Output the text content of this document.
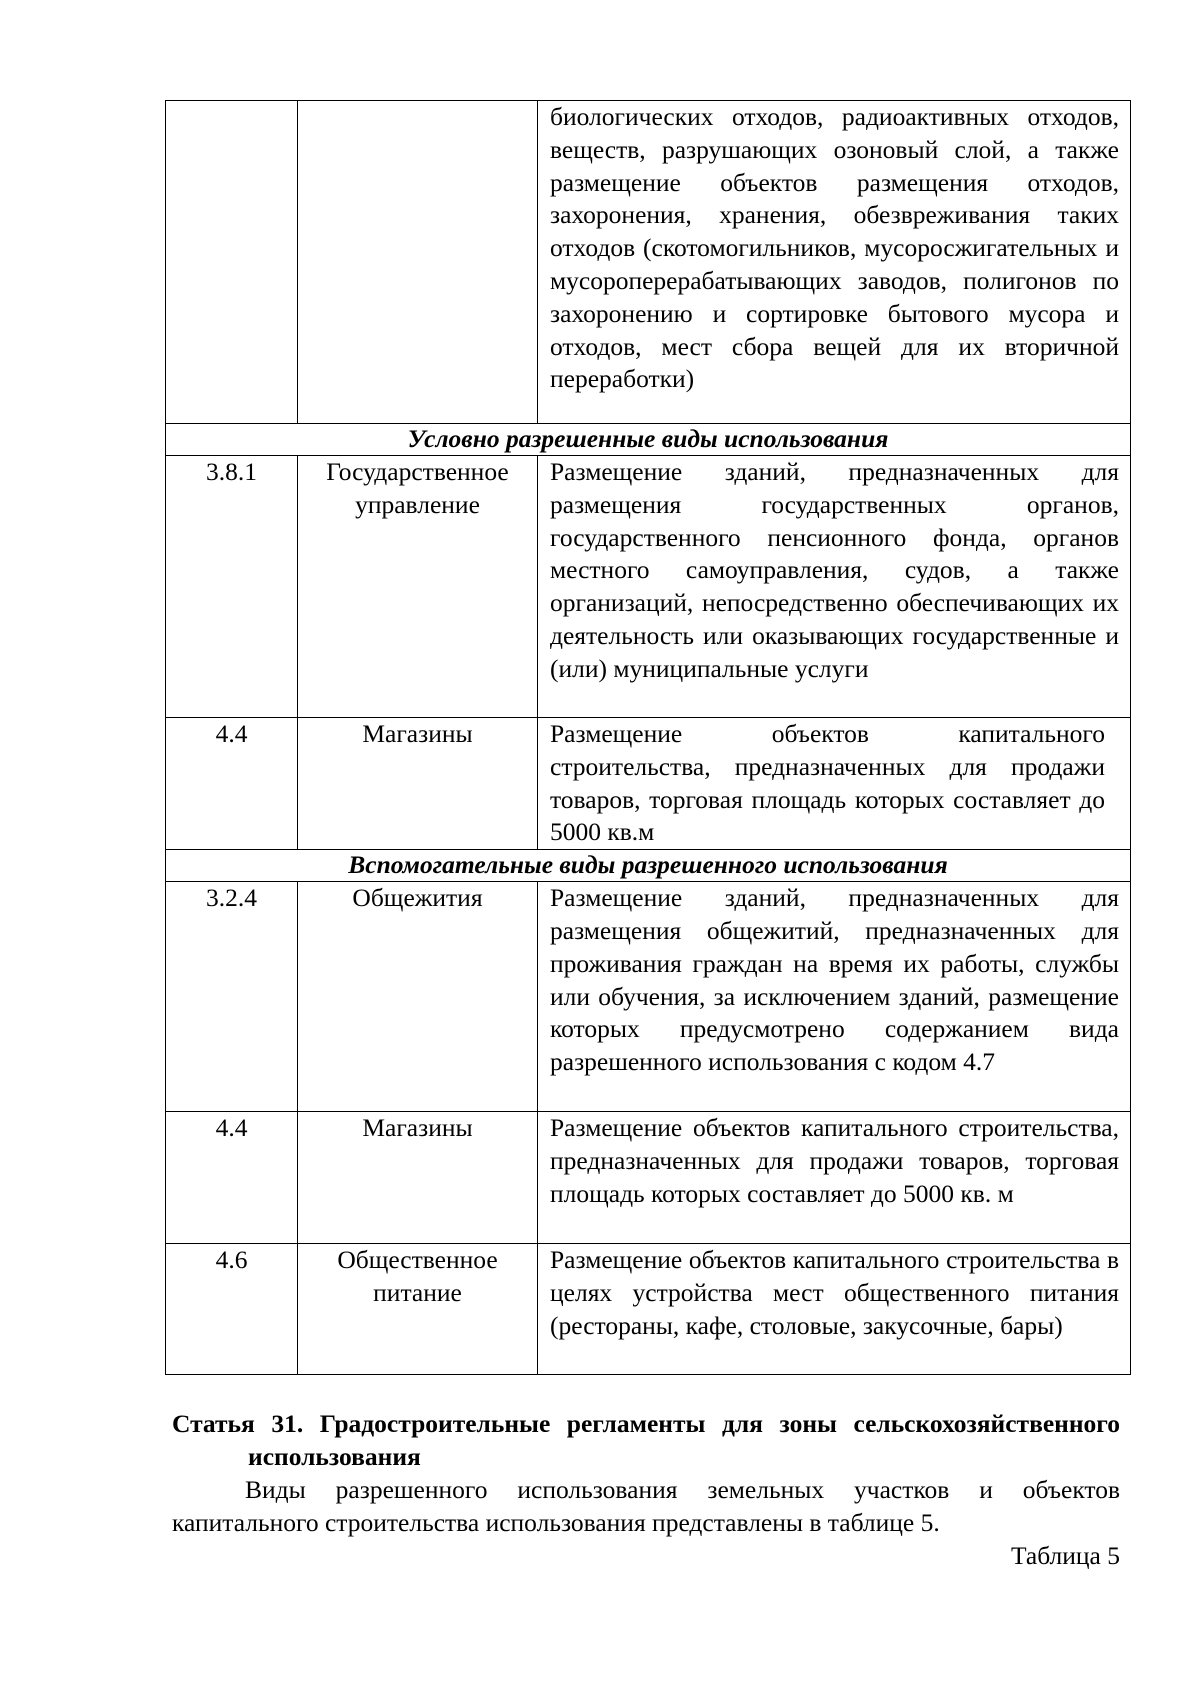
		биологических отходов, радиоактивных отходов, веществ, разрушающих озоновый слой, а также размещение объектов размещения отходов, захоронения, хранения, обезвреживания таких отходов (скотомогильников, мусоросжигательных и мусороперерабатывающих заводов, полигонов по захоронению и сортировке бытового мусора и отходов, мест сбора вещей для их вторичной переработки)
Условно разрешенные виды использования		
3.8.1	Государственное управление	Размещение зданий, предназначенных для размещения государственных органов, государственного пенсионного фонда, органов местного самоуправления, судов, а также организаций, непосредственно обеспечивающих их деятельность или оказывающих государственные и (или) муниципальные услуги
4.4	Магазины	Размещение объектов капитального строительства, предназначенных для продажи товаров, торговая площадь которых составляет до 5000 кв.м
Вспомогательные виды разрешенного использования		
3.2.4	Общежития	Размещение зданий, предназначенных для размещения общежитий, предназначенных для проживания граждан на время их работы, службы или обучения, за исключением зданий, размещение которых предусмотрено содержанием вида разрешенного использования с кодом 4.7
4.4	Магазины	Размещение объектов капитального строительства, предназначенных для продажи товаров, торговая площадь которых составляет до 5000 кв. м
4.6	Общественное питание	Размещение объектов капитального строительства в целях устройства мест общественного питания (рестораны, кафе, столовые, закусочные, бары)
Статья 31. Градостроительные регламенты для зоны сельскохозяйственного использования
Виды разрешенного использования земельных участков и объектов капитального строительства использования представлены в таблице 5.
Таблица 5
